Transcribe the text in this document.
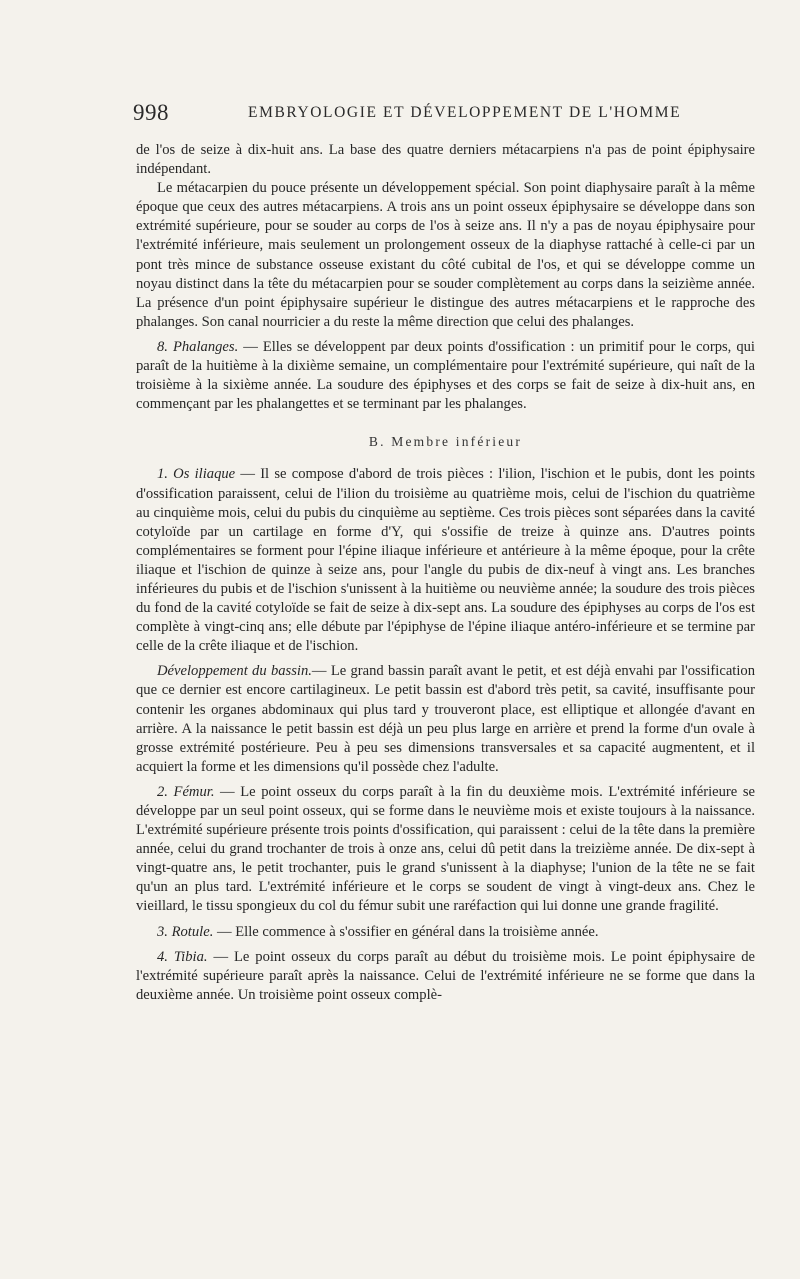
998	EMBRYOLOGIE ET DÉVELOPPEMENT DE L'HOMME

de l'os de seize à dix-huit ans. La base des quatre derniers métacarpiens n'a pas de point épiphysaire indépendant.

Le métacarpien du pouce présente un développement spécial. Son point diaphysaire paraît à la même époque que ceux des autres métacarpiens. A trois ans un point osseux épiphysaire se développe dans son extrémité supérieure, pour se souder au corps de l'os à seize ans. Il n'y a pas de noyau épiphysaire pour l'extrémité inférieure, mais seulement un prolongement osseux de la diaphyse rattaché à celle-ci par un pont très mince de substance osseuse existant du côté cubital de l'os, et qui se développe comme un noyau distinct dans la tête du métacarpien pour se souder complètement au corps dans la seizième année. La présence d'un point épiphysaire supérieur le distingue des autres métacarpiens et le rapproche des phalanges. Son canal nourricier a du reste la même direction que celui des phalanges.

8. Phalanges. — Elles se développent par deux points d'ossification : un primitif pour le corps, qui paraît de la huitième à la dixième semaine, un complémentaire pour l'extrémité supérieure, qui naît de la troisième à la sixième année. La soudure des épiphyses et des corps se fait de seize à dix-huit ans, en commençant par les phalangettes et se terminant par les phalanges.

B. Membre inférieur

1. Os iliaque — Il se compose d'abord de trois pièces : l'ilion, l'ischion et le pubis, dont les points d'ossification paraissent, celui de l'ilion du troisième au quatrième mois, celui de l'ischion du quatrième au cinquième mois, celui du pubis du cinquième au septième. Ces trois pièces sont séparées dans la cavité cotyloïde par un cartilage en forme d'Y, qui s'ossifie de treize à quinze ans. D'autres points complémentaires se forment pour l'épine iliaque inférieure et antérieure à la même époque, pour la crête iliaque et l'ischion de quinze à seize ans, pour l'angle du pubis de dix-neuf à vingt ans. Les branches inférieures du pubis et de l'ischion s'unissent à la huitième ou neuvième année; la soudure des trois pièces du fond de la cavité cotyloïde se fait de seize à dix-sept ans. La soudure des épiphyses au corps de l'os est complète à vingt-cinq ans; elle débute par l'épiphyse de l'épine iliaque antéro-inférieure et se termine par celle de la crête iliaque et de l'ischion.

Développement du bassin.— Le grand bassin paraît avant le petit, et est déjà envahi par l'ossification que ce dernier est encore cartilagineux. Le petit bassin est d'abord très petit, sa cavité, insuffisante pour contenir les organes abdominaux qui plus tard y trouveront place, est elliptique et allongée d'avant en arrière. A la naissance le petit bassin est déjà un peu plus large en arrière et prend la forme d'un ovale à grosse extrémité postérieure. Peu à peu ses dimensions transversales et sa capacité augmentent, et il acquiert la forme et les dimensions qu'il possède chez l'adulte.

2. Fémur. — Le point osseux du corps paraît à la fin du deuxième mois. L'extrémité inférieure se développe par un seul point osseux, qui se forme dans le neuvième mois et existe toujours à la naissance. L'extrémité supérieure présente trois points d'ossification, qui paraissent : celui de la tête dans la première année, celui du grand trochanter de trois à onze ans, celui dû petit dans la treizième année. De dix-sept à vingt-quatre ans, le petit trochanter, puis le grand s'unissent à la diaphyse; l'union de la tête ne se fait qu'un an plus tard. L'extrémité inférieure et le corps se soudent de vingt à vingt-deux ans. Chez le vieillard, le tissu spongieux du col du fémur subit une raréfaction qui lui donne une grande fragilité.

3. Rotule. — Elle commence à s'ossifier en général dans la troisième année.

4. Tibia. — Le point osseux du corps paraît au début du troisième mois. Le point épiphysaire de l'extrémité supérieure paraît après la naissance. Celui de l'extrémité inférieure ne se forme que dans la deuxième année. Un troisième point osseux complè-
